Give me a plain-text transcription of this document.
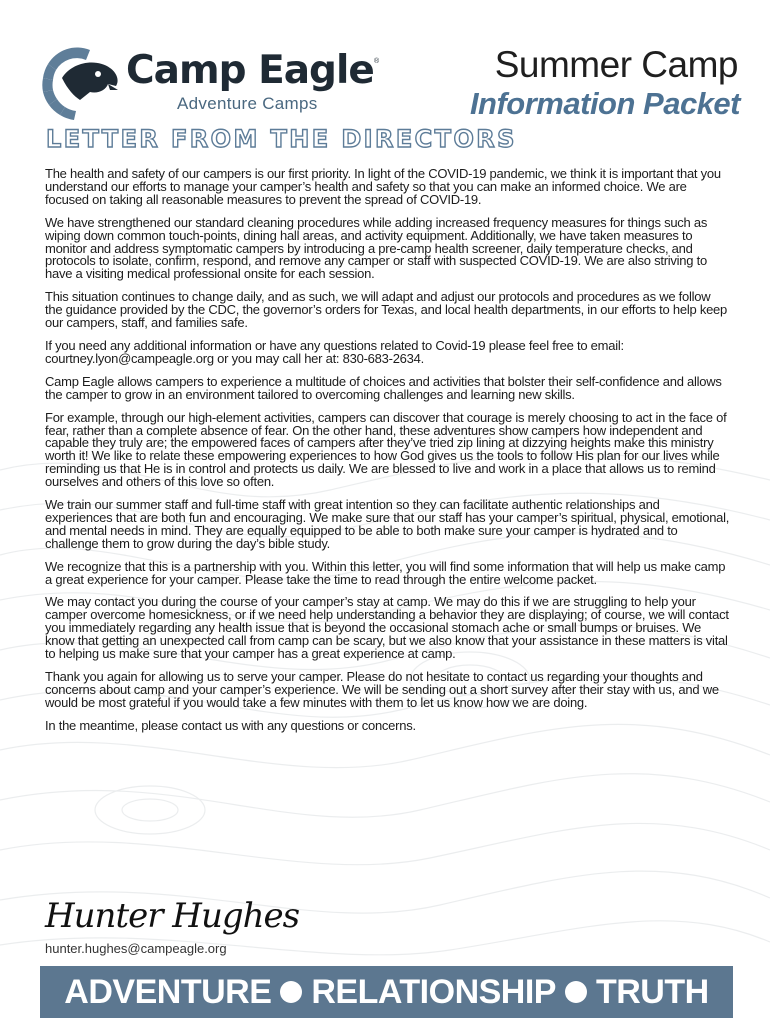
Camp Eagle ®
Adventure Camps
Summer Camp
Information Packet
LETTER FROM THE DIRECTORS

The health and safety of our campers is our first priority. In light of the COVID-19 pandemic, we think it is important that you understand our efforts to manage your camper’s health and safety so that you can make an informed choice. We are focused on taking all reasonable measures to prevent the spread of COVID-19.

We have strengthened our standard cleaning procedures while adding increased frequency measures for things such as wiping down common touch-points, dining hall areas, and activity equipment. Additionally, we have taken measures to monitor and address symptomatic campers by introducing a pre-camp health screener, daily temperature checks, and protocols to isolate, confirm, respond, and remove any camper or staff with suspected COVID-19. We are also striving to have a visiting medical professional onsite for each session.

This situation continues to change daily, and as such, we will adapt and adjust our protocols and procedures as we follow the guidance provided by the CDC, the governor’s orders for Texas, and local health departments, in our efforts to help keep our campers, staff, and families safe.

If you need any additional information or have any questions related to Covid-19 please feel free to email: courtney.lyon@campeagle.org or you may call her at: 830-683-2634.

Camp Eagle allows campers to experience a multitude of choices and activities that bolster their self-confidence and allows the camper to grow in an environment tailored to overcoming challenges and learning new skills.

For example, through our high-element activities, campers can discover that courage is merely choosing to act in the face of fear, rather than a complete absence of fear. On the other hand, these adventures show campers how independent and capable they truly are; the empowered faces of campers after they’ve tried zip lining at dizzying heights make this ministry worth it! We like to relate these empowering experiences to how God gives us the tools to follow His plan for our lives while reminding us that He is in control and protects us daily. We are blessed to live and work in a place that allows us to remind ourselves and others of this love so often.

We train our summer staff and full-time staff with great intention so they can facilitate authentic relationships and experiences that are both fun and encouraging. We make sure that our staff has your camper’s spiritual, physical, emotional, and mental needs in mind. They are equally equipped to be able to both make sure your camper is hydrated and to challenge them to grow during the day’s bible study.

We recognize that this is a partnership with you. Within this letter, you will find some information that will help us make camp a great experience for your camper. Please take the time to read through the entire welcome packet.

We may contact you during the course of your camper’s stay at camp. We may do this if we are struggling to help your camper overcome homesickness, or if we need help understanding a behavior they are displaying; of course, we will contact you immediately regarding any health issue that is beyond the occasional stomach ache or small bumps or bruises. We know that getting an unexpected call from camp can be scary, but we also know that your assistance in these matters is vital to helping us make sure that your camper has a great experience at camp.

Thank you again for allowing us to serve your camper. Please do not hesitate to contact us regarding your thoughts and concerns about camp and your camper’s experience. We will be sending out a short survey after their stay with us, and we would be most grateful if you would take a few minutes with them to let us know how we are doing.

In the meantime, please contact us with any questions or concerns.

Hunter Hughes
hunter.hughes@campeagle.org
ADVENTURE RELATIONSHIP TRUTH
